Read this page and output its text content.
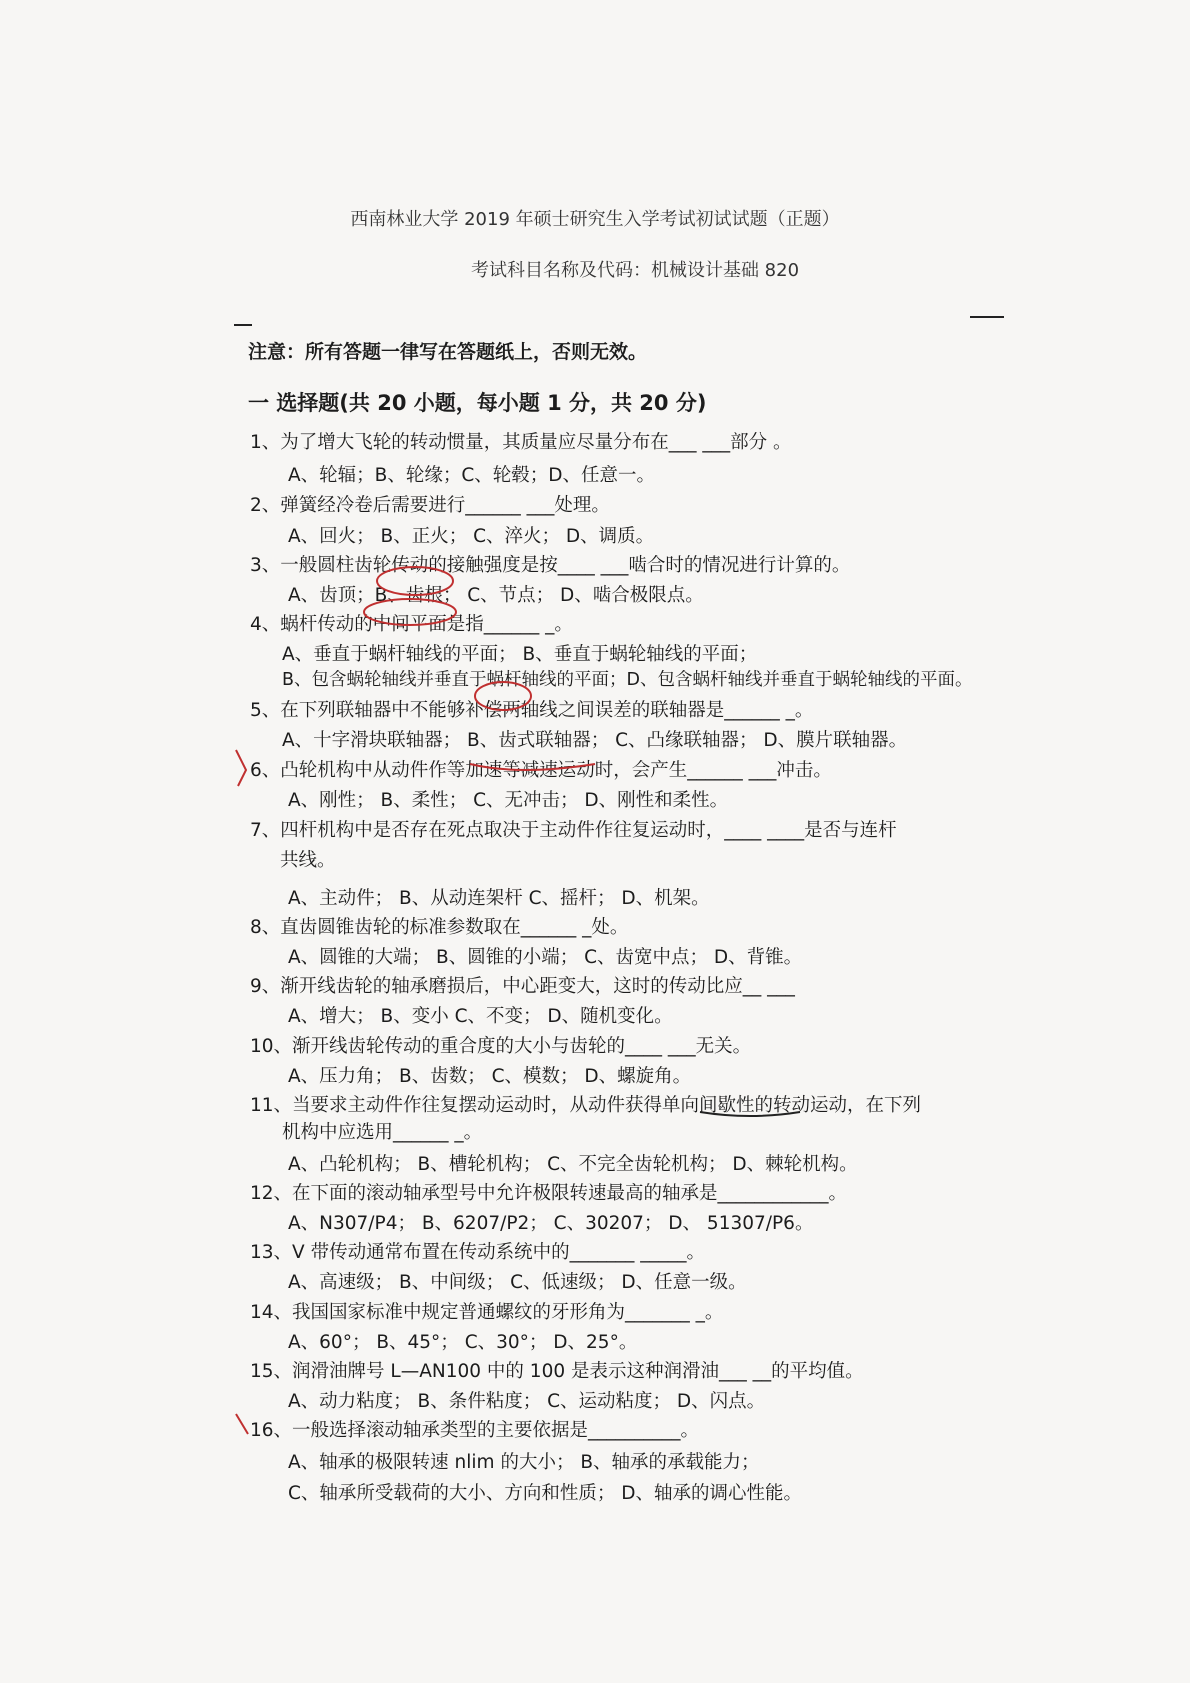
西南林业大学 2019 年硕士研究生入学考试初试试题（正题）
考试科目名称及代码：机械设计基础 820
注意：所有答题一律写在答题纸上，否则无效。
一 选择题(共 20 小题，每小题 1 分，共 20 分)
1、为了增大飞轮的转动惯量，其质量应尽量分布在___ ___部分 。
A、轮辐；B、轮缘；C、轮毂；D、任意一。
2、弹簧经冷卷后需要进行______ ___处理。
A、回火； B、正火； C、淬火； D、调质。
3、一般圆柱齿轮传动的接触强度是按____ ___啮合时的情况进行计算的。
A、齿顶；B、齿根； C、节点； D、啮合极限点。
4、蜗杆传动的中间平面是指______ _。
A、垂直于蜗杆轴线的平面； B、垂直于蜗轮轴线的平面；
B、包含蜗轮轴线并垂直于蜗杆轴线的平面；D、包含蜗杆轴线并垂直于蜗轮轴线的平面。
5、在下列联轴器中不能够补偿两轴线之间误差的联轴器是______ _。
A、十字滑块联轴器； B、齿式联轴器； C、凸缘联轴器； D、膜片联轴器。
6、凸轮机构中从动件作等加速等减速运动时，会产生______ ___冲击。
A、刚性； B、柔性； C、无冲击； D、刚性和柔性。
7、四杆机构中是否存在死点取决于主动件作往复运动时，____ ____是否与连杆
共线。
A、主动件； B、从动连架杆 C、摇杆； D、机架。
8、直齿圆锥齿轮的标准参数取在______ _处。
A、圆锥的大端； B、圆锥的小端； C、齿宽中点； D、背锥。
9、渐开线齿轮的轴承磨损后，中心距变大，这时的传动比应__ ___
A、增大； B、变小 C、不变； D、随机变化。
10、渐开线齿轮传动的重合度的大小与齿轮的____ ___无关。
A、压力角； B、齿数； C、模数； D、螺旋角。
11、当要求主动件作往复摆动运动时，从动件获得单向间歇性的转动运动，在下列
机构中应选用______ _。
A、凸轮机构； B、槽轮机构； C、不完全齿轮机构； D、棘轮机构。
12、在下面的滚动轴承型号中允许极限转速最高的轴承是____________。
A、N307/P4； B、6207/P2； C、30207； D、 51307/P6。
13、V 带传动通常布置在传动系统中的_______ _____。
A、高速级； B、中间级； C、低速级； D、任意一级。
14、我国国家标准中规定普通螺纹的牙形角为_______ _。
A、60°； B、45°； C、30°； D、25°。
15、润滑油牌号 L—AN100 中的 100 是表示这种润滑油___ __的平均值。
A、动力粘度； B、条件粘度； C、运动粘度； D、闪点。
16、一般选择滚动轴承类型的主要依据是__________。
A、轴承的极限转速 nlim 的大小； B、轴承的承载能力；
C、轴承所受载荷的大小、方向和性质； D、轴承的调心性能。
